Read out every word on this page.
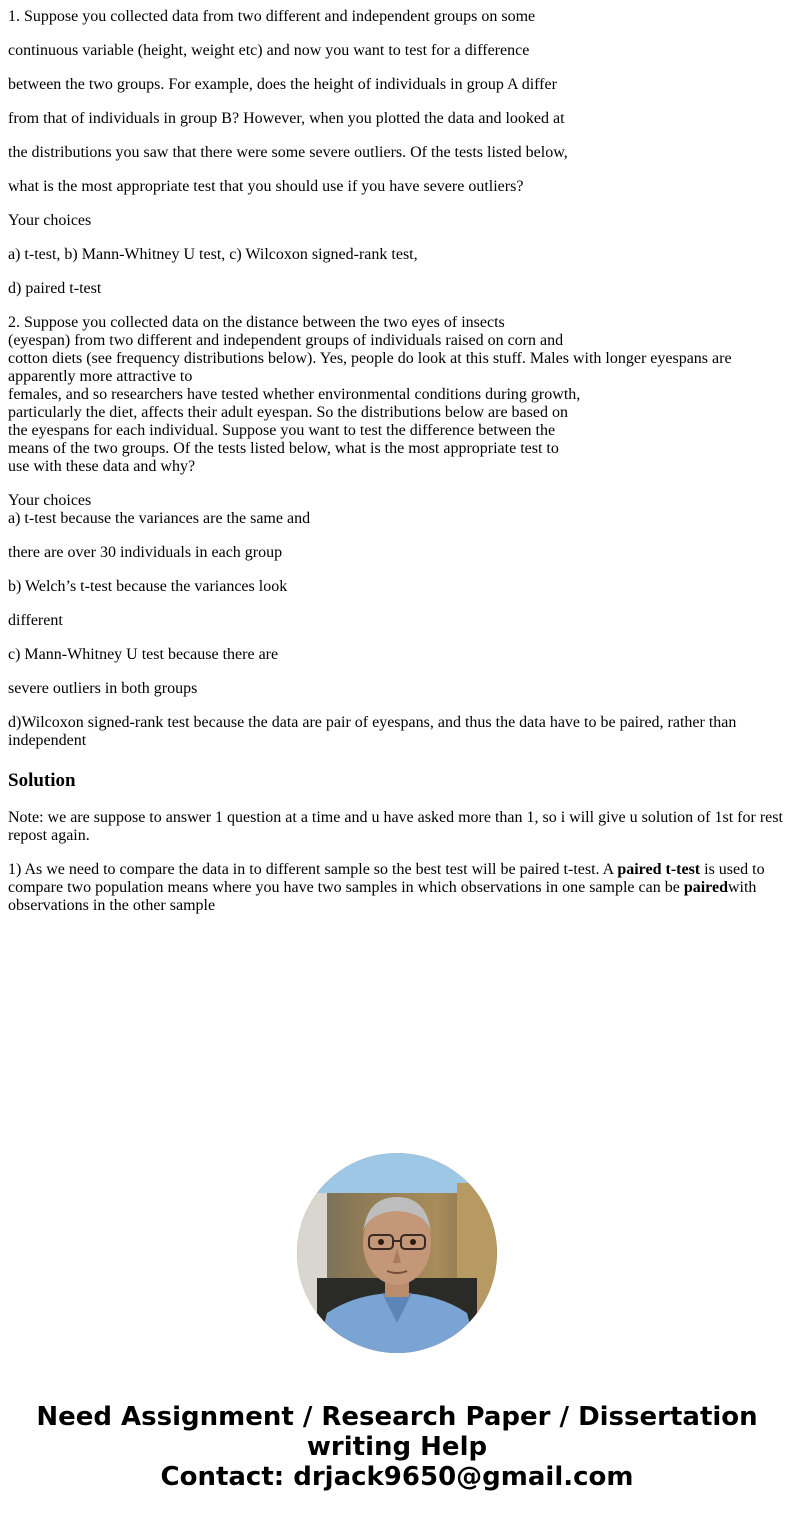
1. Suppose you collected data from two different and independent groups on some

continuous variable (height, weight etc) and now you want to test for a difference

between the two groups. For example, does the height of individuals in group A differ

from that of individuals in group B? However, when you plotted the data and looked at

the distributions you saw that there were some severe outliers. Of the tests listed below,

what is the most appropriate test that you should use if you have severe outliers?

Your choices

a) t-test, b) Mann-Whitney U test, c) Wilcoxon signed-rank test,

d) paired t-test

2. Suppose you collected data on the distance between the two eyes of insects
(eyespan) from two different and independent groups of individuals raised on corn and
cotton diets (see frequency distributions below). Yes, people do look at this stuff. Males with longer eyespans are apparently more attractive to
females, and so researchers have tested whether environmental conditions during growth,
particularly the diet, affects their adult eyespan. So the distributions below are based on
the eyespans for each individual. Suppose you want to test the difference between the
means of the two groups. Of the tests listed below, what is the most appropriate test to
use with these data and why?

Your choices

a) t-test because the variances are the same and

there are over 30 individuals in each group

b) Welch’s t-test because the variances look

different

c) Mann-Whitney U test because there are

severe outliers in both groups

d)Wilcoxon signed-rank test because the data are pair of eyespans, and thus the data have to be paired, rather than independent

Solution

Note: we are suppose to answer 1 question at a time and u have asked more than 1, so i will give u solution of 1st for rest repost again.

1) As we need to compare the data in to different sample so the best test will be paired t-test. A paired t-test is used to compare two population means where you have two samples in which observations in one sample can be pairedwith observations in the other sample

Need Assignment / Research Paper / Dissertation
writing Help
Contact: drjack9650@gmail.com
